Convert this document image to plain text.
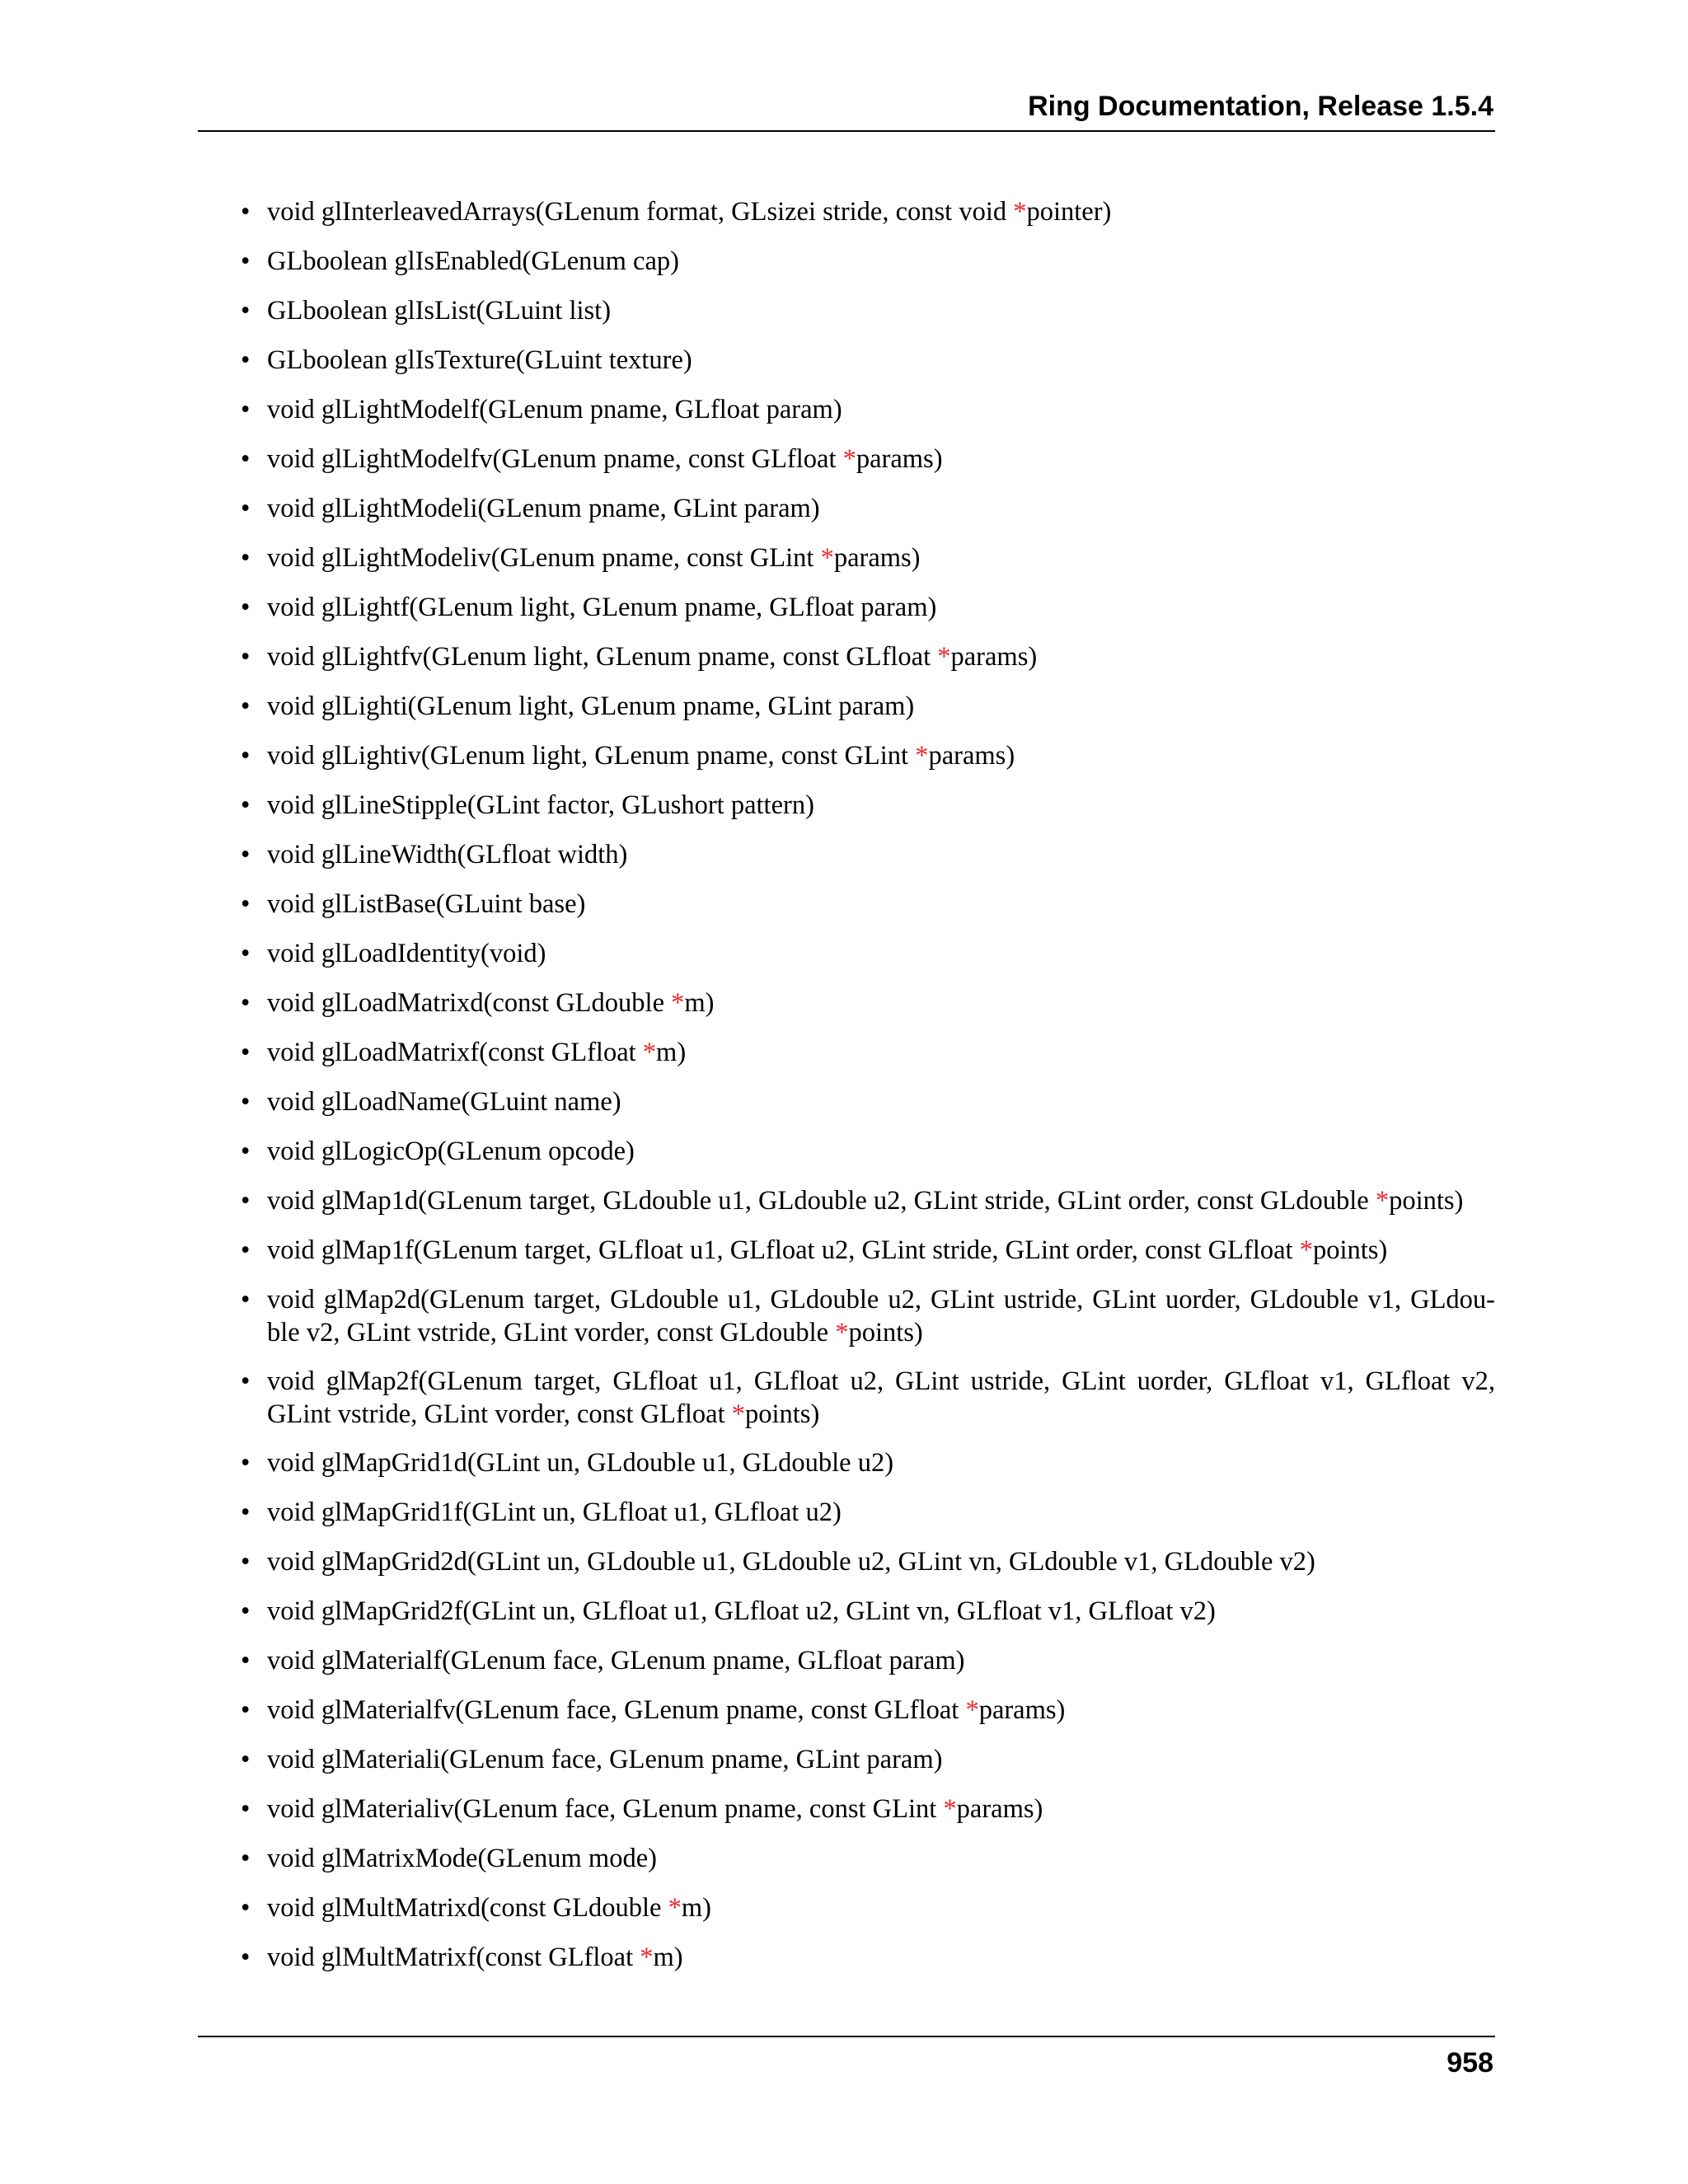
Ring Documentation, Release 1.5.4
• void glInterleavedArrays(GLenum format, GLsizei stride, const void *pointer)
• GLboolean glIsEnabled(GLenum cap)
• GLboolean glIsList(GLuint list)
• GLboolean glIsTexture(GLuint texture)
• void glLightModelf(GLenum pname, GLfloat param)
• void glLightModelfv(GLenum pname, const GLfloat *params)
• void glLightModeli(GLenum pname, GLint param)
• void glLightModeliv(GLenum pname, const GLint *params)
• void glLightf(GLenum light, GLenum pname, GLfloat param)
• void glLightfv(GLenum light, GLenum pname, const GLfloat *params)
• void glLighti(GLenum light, GLenum pname, GLint param)
• void glLightiv(GLenum light, GLenum pname, const GLint *params)
• void glLineStipple(GLint factor, GLushort pattern)
• void glLineWidth(GLfloat width)
• void glListBase(GLuint base)
• void glLoadIdentity(void)
• void glLoadMatrixd(const GLdouble *m)
• void glLoadMatrixf(const GLfloat *m)
• void glLoadName(GLuint name)
• void glLogicOp(GLenum opcode)
• void glMap1d(GLenum target, GLdouble u1, GLdouble u2, GLint stride, GLint order, const GLdouble *points)
• void glMap1f(GLenum target, GLfloat u1, GLfloat u2, GLint stride, GLint order, const GLfloat *points)
• void glMap2d(GLenum target, GLdouble u1, GLdouble u2, GLint ustride, GLint uorder, GLdouble v1, GLdou- ble v2, GLint vstride, GLint vorder, const GLdouble *points)
• void glMap2f(GLenum target, GLfloat u1, GLfloat u2, GLint ustride, GLint uorder, GLfloat v1, GLfloat v2, GLint vstride, GLint vorder, const GLfloat *points)
• void glMapGrid1d(GLint un, GLdouble u1, GLdouble u2)
• void glMapGrid1f(GLint un, GLfloat u1, GLfloat u2)
• void glMapGrid2d(GLint un, GLdouble u1, GLdouble u2, GLint vn, GLdouble v1, GLdouble v2)
• void glMapGrid2f(GLint un, GLfloat u1, GLfloat u2, GLint vn, GLfloat v1, GLfloat v2)
• void glMaterialf(GLenum face, GLenum pname, GLfloat param)
• void glMaterialfv(GLenum face, GLenum pname, const GLfloat *params)
• void glMateriali(GLenum face, GLenum pname, GLint param)
• void glMaterialiv(GLenum face, GLenum pname, const GLint *params)
• void glMatrixMode(GLenum mode)
• void glMultMatrixd(const GLdouble *m)
• void glMultMatrixf(const GLfloat *m)
958
